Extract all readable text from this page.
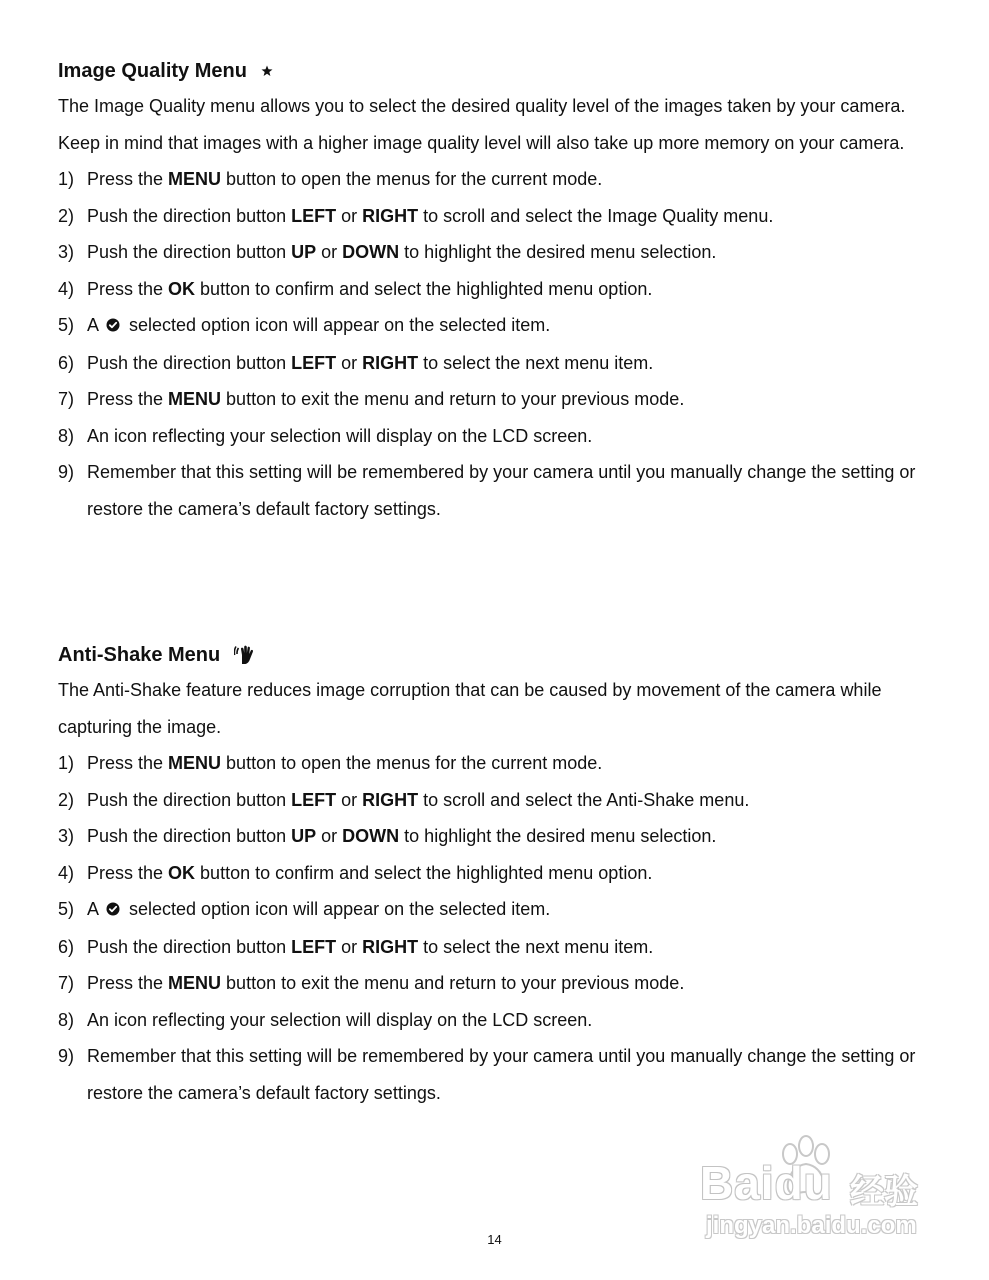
Image Quality Menu
The Image Quality menu allows you to select the desired quality level of the images taken by your camera. Keep in mind that images with a higher image quality level will also take up more memory on your camera.
1) Press the MENU button to open the menus for the current mode.
2) Push the direction button LEFT or RIGHT to scroll and select the Image Quality menu.
3) Push the direction button UP or DOWN to highlight the desired menu selection.
4) Press the OK button to confirm and select the highlighted menu option.
5) A selected option icon will appear on the selected item.
6) Push the direction button LEFT or RIGHT to select the next menu item.
7) Press the MENU button to exit the menu and return to your previous mode.
8) An icon reflecting your selection will display on the LCD screen.
9) Remember that this setting will be remembered by your camera until you manually change the setting or restore the camera’s default factory settings.
Anti-Shake Menu
The Anti-Shake feature reduces image corruption that can be caused by movement of the camera while capturing the image.
1) Press the MENU button to open the menus for the current mode.
2) Push the direction button LEFT or RIGHT to scroll and select the Anti-Shake menu.
3) Push the direction button UP or DOWN to highlight the desired menu selection.
4) Press the OK button to confirm and select the highlighted menu option.
5) A selected option icon will appear on the selected item.
6) Push the direction button LEFT or RIGHT to select the next menu item.
7) Press the MENU button to exit the menu and return to your previous mode.
8) An icon reflecting your selection will display on the LCD screen.
9) Remember that this setting will be remembered by your camera until you manually change the setting or restore the camera’s default factory settings.
14
Baidu 经验
jingyan.baidu.com
